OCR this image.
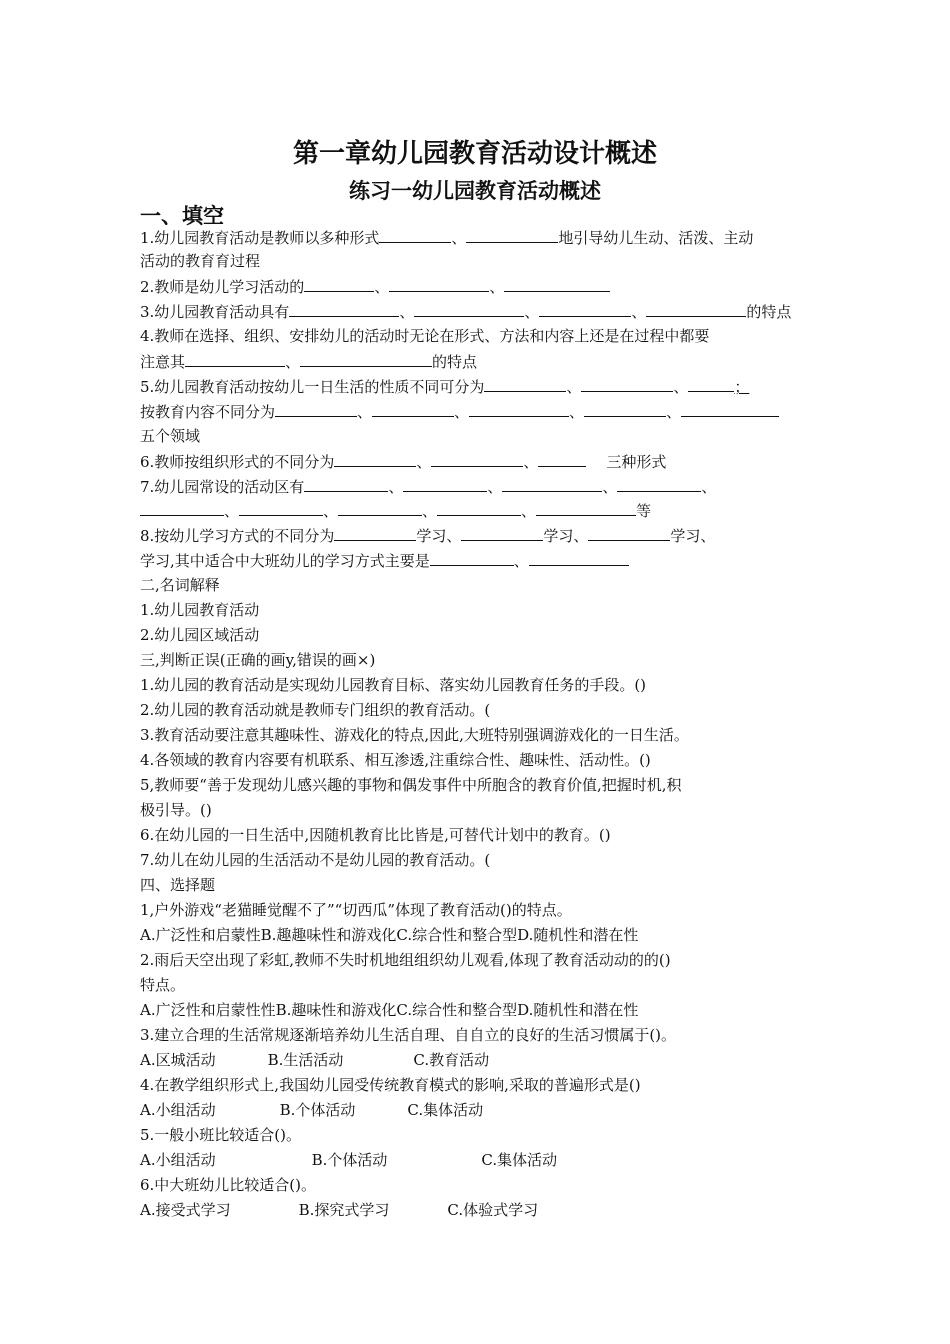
第一章幼儿园教育活动设计概述
练习一幼儿园教育活动概述
一、填空
1.幼儿园教育活动是教师以多种形式	、	地引导幼儿生动、活泼、主动
活动的教育育过程
2.教师是幼儿学习活动的	、	、
3.幼儿园教育活动具有	、	、	、	的特点
4.教师在选择、组织、安排幼儿的活动时无论在形式、方法和内容上还是在过程中都要
注意其	、	的特点
5.幼儿园教育活动按幼儿一日生活的性质不同可分为	、	、	；
按教育内容不同分为	、	、	、	、
五个领域
6.教师按组织形式的不同分为	、	、	三种形式
7.幼儿园常设的活动区有	、	、	、	、
、	、	、	、	等
8.按幼儿学习方式的不同分为	学习、	学习、	学习、
学习,其中适合中大班幼儿的学习方式主要是	、
二,名词解释
1.幼儿园教育活动
2.幼儿园区域活动
三,判断正误(正确的画y,错误的画×)
1.幼儿园的教育活动是实现幼儿园教育目标、落实幼儿园教育任务的手段。()
2.幼儿园的教育活动就是教师专门组织的教育活动。(
3.教育活动要注意其趣味性、游戏化的特点,因此,大班特别强调游戏化的一日生活。
4.各领域的教育内容要有机联系、相互渗透,注重综合性、趣味性、活动性。()
5,教师要“善于发现幼儿感兴趣的事物和偶发事件中所胞含的教育价值,把握时机,积
极引导。()
6.在幼儿园的一日生活中,因随机教育比比皆是,可替代计划中的教育。()
7.幼儿在幼儿园的生活活动不是幼儿园的教育活动。(
四、选择题
1,户外游戏“老猫睡觉醒不了”“切西瓜”体现了教育活动()的特点。
A.广泛性和启蒙性B.趣趣味性和游戏化C.综合性和整合型D.随机性和潜在性
2.雨后天空出现了彩虹,教师不失时机地组组织幼儿观看,体现了教育活动动的的()
特点。
A.广泛性和启蒙性性B.趣味性和游戏化C.综合性和整合型D.随机性和潜在性
3.建立合理的生活常规逐渐培养幼儿生活自理、自自立的良好的生活习惯属于()。
A.区城活动	B.生活活动	C.教育活动
4.在教学组织形式上,我国幼儿园受传统教育模式的影响,采取的普遍形式是()
A.小组活动	B.个体活动	C.集体活动
5.一般小班比较适合()。
A.小组活动	B.个体活动	C.集体活动
6.中大班幼儿比较适合()。
A.接受式学习	B.探究式学习	C.体验式学习
